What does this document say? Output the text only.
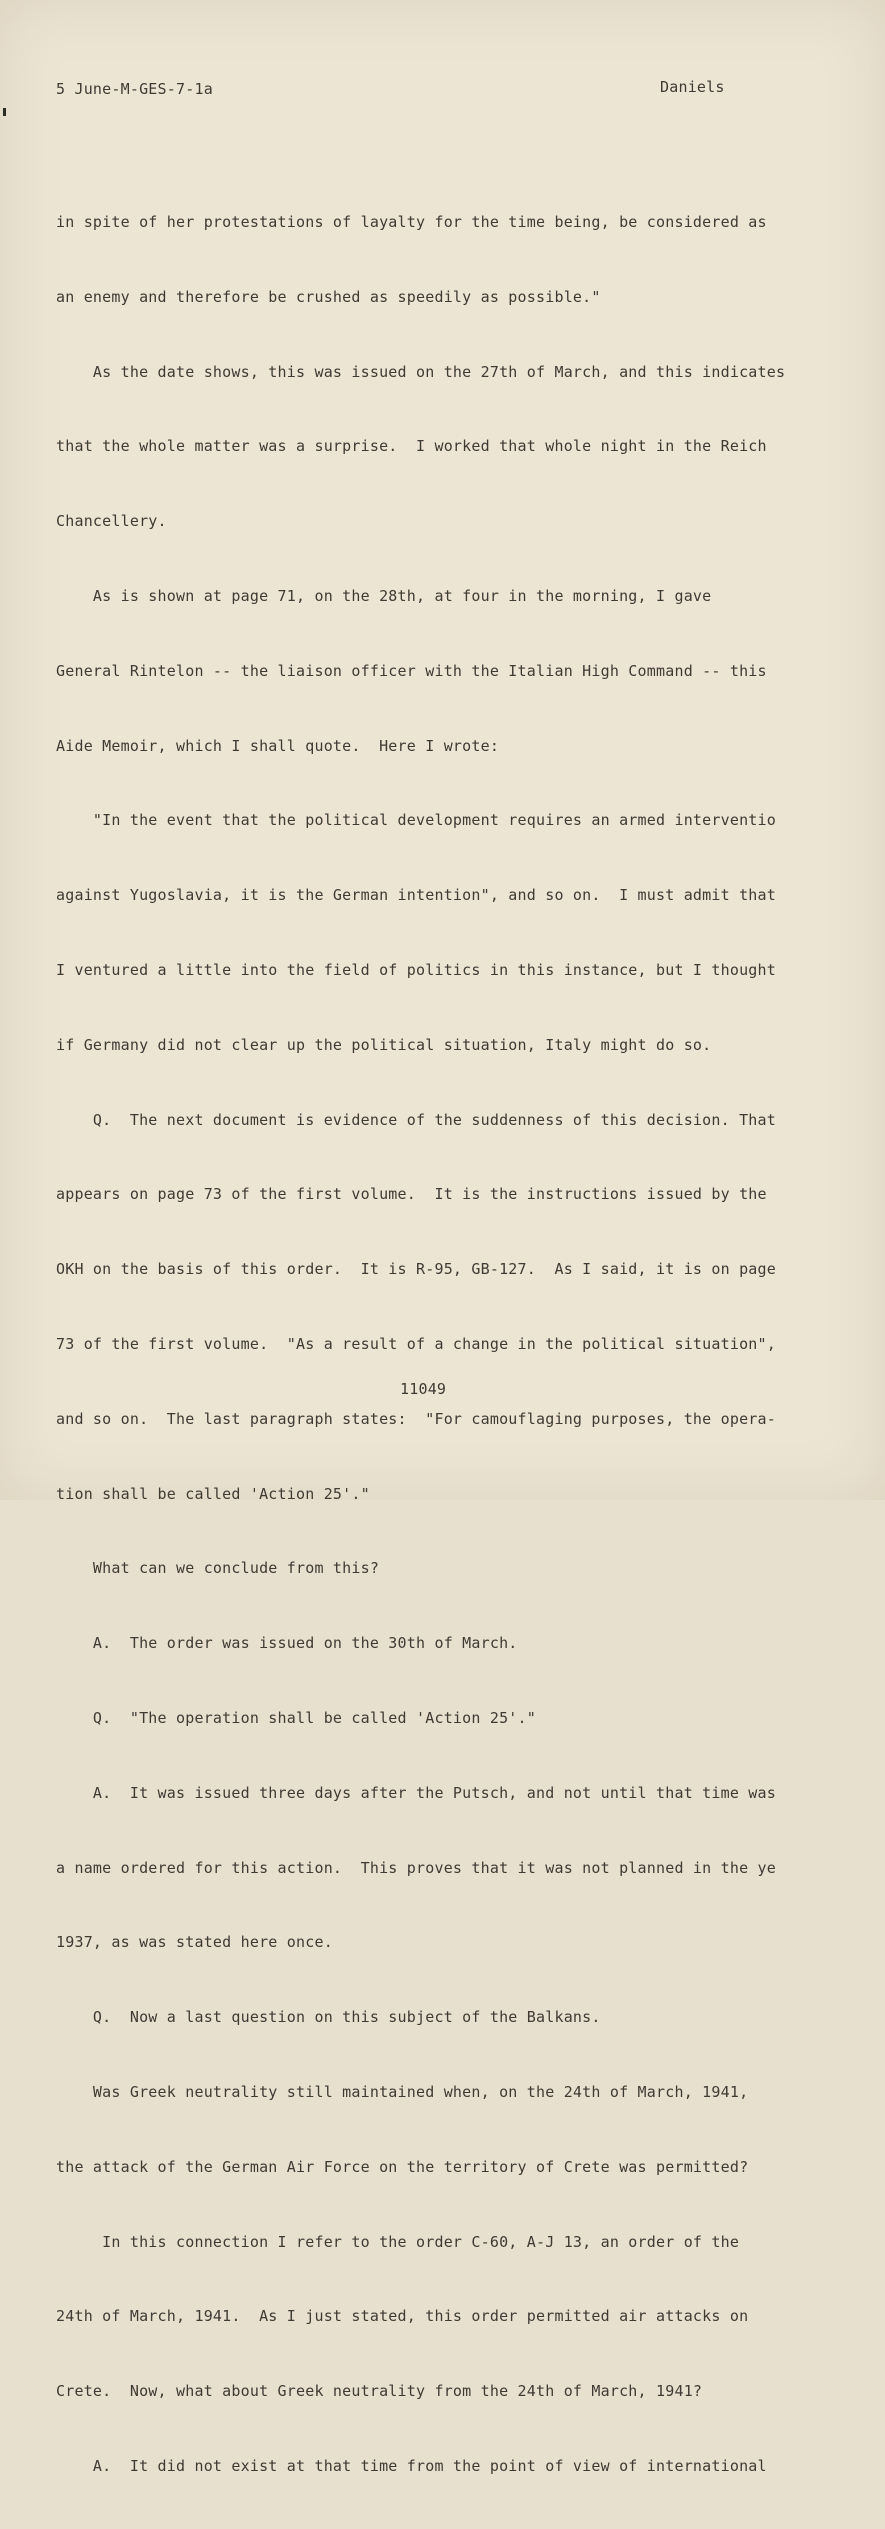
5 June-M-GES-7-1a	Daniels

in spite of her protestations of layalty for the time being, be considered as

an enemy and therefore be crushed as speedily as possible."

As the date shows, this was issued on the 27th of March, and this indicates

that the whole matter was a surprise.  I worked that whole night in the Reich

Chancellery.

As is shown at page 71, on the 28th, at four in the morning, I gave

General Rintelon -- the liaison officer with the Italian High Command -- this

Aide Memoir, which I shall quote.  Here I wrote:

"In the event that the political development requires an armed interventio

against Yugoslavia, it is the German intention", and so on.  I must admit that

I ventured a little into the field of politics in this instance, but I thought

if Germany did not clear up the political situation, Italy might do so.

Q.  The next document is evidence of the suddenness of this decision. That

appears on page 73 of the first volume.  It is the instructions issued by the

OKH on the basis of this order.  It is R-95, GB-127.  As I said, it is on page

73 of the first volume.  "As a result of a change in the political situation",

and so on.  The last paragraph states:  "For camouflaging purposes, the opera-

tion shall be called 'Action 25'."

What can we conclude from this?

A.  The order was issued on the 30th of March.

Q.  "The operation shall be called 'Action 25'."

A.  It was issued three days after the Putsch, and not until that time was

a name ordered for this action.  This proves that it was not planned in the ye

1937, as was stated here once.

Q.  Now a last question on this subject of the Balkans.

Was Greek neutrality still maintained when, on the 24th of March, 1941,

the attack of the German Air Force on the territory of Crete was permitted?

In this connection I refer to the order C-60, A-J 13, an order of the

24th of March, 1941.  As I just stated, this order permitted air attacks on

Crete.  Now, what about Greek neutrality from the 24th of March, 1941?

A.  It did not exist at that time from the point of view of international

11049
